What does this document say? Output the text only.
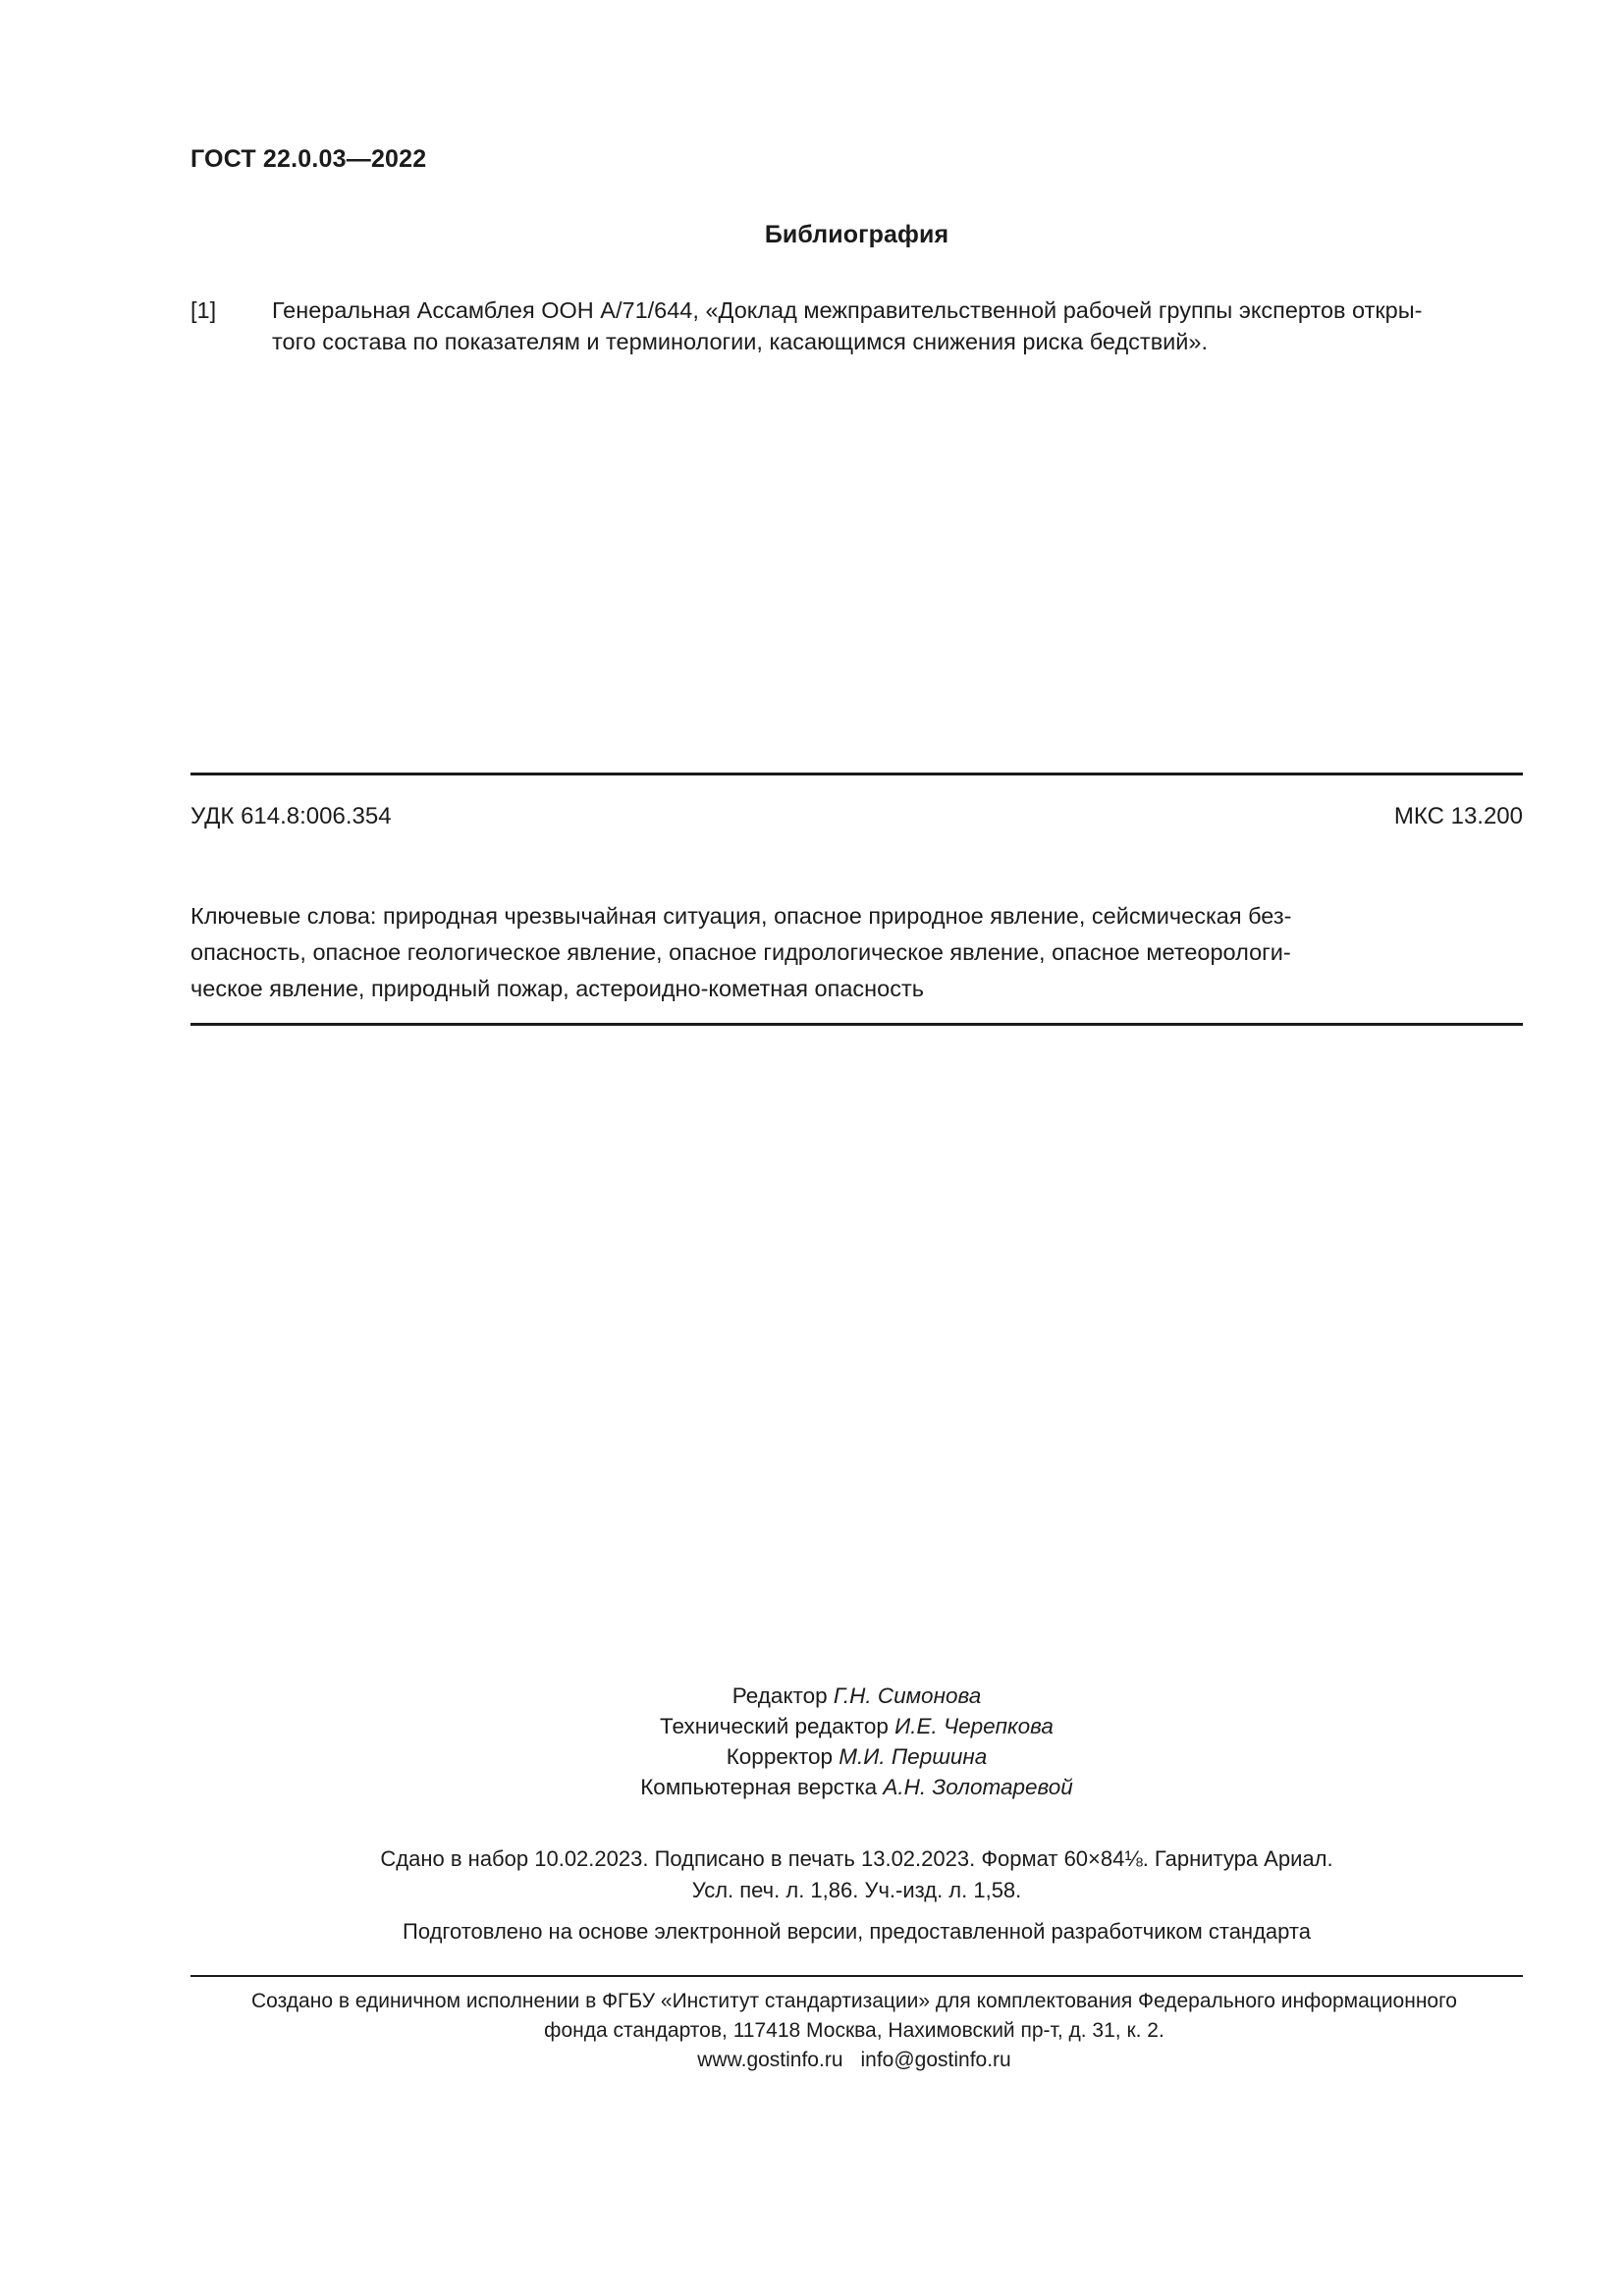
ГОСТ 22.0.03—2022
Библиография
[1]	Генеральная Ассамблея ООН А/71/644, «Доклад межправительственной рабочей группы экспертов откры-
того состава по показателям и терминологии, касающимся снижения риска бедствий».
УДК 614.8:006.354	МКС 13.200
Ключевые слова: природная чрезвычайная ситуация, опасное природное явление, сейсмическая без-
опасность, опасное геологическое явление, опасное гидрологическое явление, опасное метеорологи-
ческое явление, природный пожар, астероидно-кометная опасность
Редактор Г.Н. Симонова
Технический редактор И.Е. Черепкова
Корректор М.И. Першина
Компьютерная верстка А.Н. Золотаревой
Сдано в набор 10.02.2023. Подписано в печать 13.02.2023. Формат 60×84⅛. Гарнитура Ариал.
Усл. печ. л. 1,86. Уч.-изд. л. 1,58.
Подготовлено на основе электронной версии, предоставленной разработчиком стандарта
Создано в единичном исполнении в ФГБУ «Институт стандартизации» для комплектования Федерального информационного
фонда стандартов, 117418 Москва, Нахимовский пр-т, д. 31, к. 2.
www.gostinfo.ru info@gostinfo.ru
